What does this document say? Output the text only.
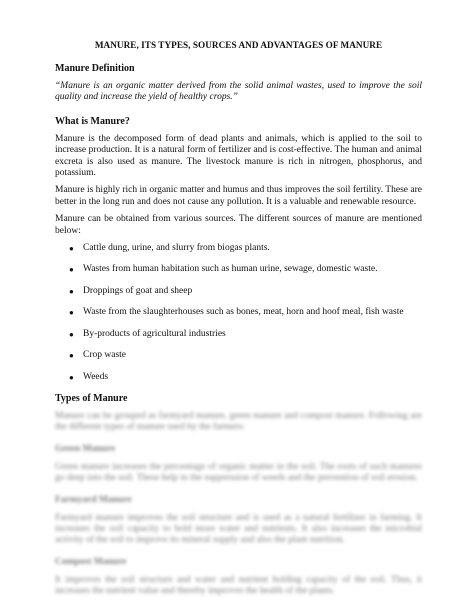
MANURE, ITS TYPES, SOURCES AND ADVANTAGES OF MANURE
Manure Definition
“Manure is an organic matter derived from the solid animal wastes, used to improve the soil quality and increase the yield of healthy crops.”
What is Manure?
Manure is the decomposed form of dead plants and animals, which is applied to the soil to increase production. It is a natural form of fertilizer and is cost-effective. The human and animal excreta is also used as manure. The livestock manure is rich in nitrogen, phosphorus, and potassium.
Manure is highly rich in organic matter and humus and thus improves the soil fertility. These are better in the long run and does not cause any pollution. It is a valuable and renewable resource.
Manure can be obtained from various sources. The different sources of manure are mentioned below:
● Cattle dung, urine, and slurry from biogas plants.
● Wastes from human habitation such as human urine, sewage, domestic waste.
● Droppings of goat and sheep
● Waste from the slaughterhouses such as bones, meat, horn and hoof meal, fish waste
● By-products of agricultural industries
● Crop waste
● Weeds
Types of Manure
Manure can be grouped as farmyard manure, green manure and compost manure. Following are the different types of manure used by the farmers:
Green Manure
Green manure increases the percentage of organic matter in the soil. The roots of such manures go deep into the soil. These help in the suppression of weeds and the prevention of soil erosion.
Farmyard Manure
Farmyard manure improves the soil structure and is used as a natural fertilizer in farming. It increases the soil capacity to hold more water and nutrients. It also increases the microbial activity of the soil to improve its mineral supply and also the plant nutrition.
Compost Manure
It improves the soil structure and water and nutrient holding capacity of the soil. Thus, it increases the nutrient value and thereby improves the health of the plants.
